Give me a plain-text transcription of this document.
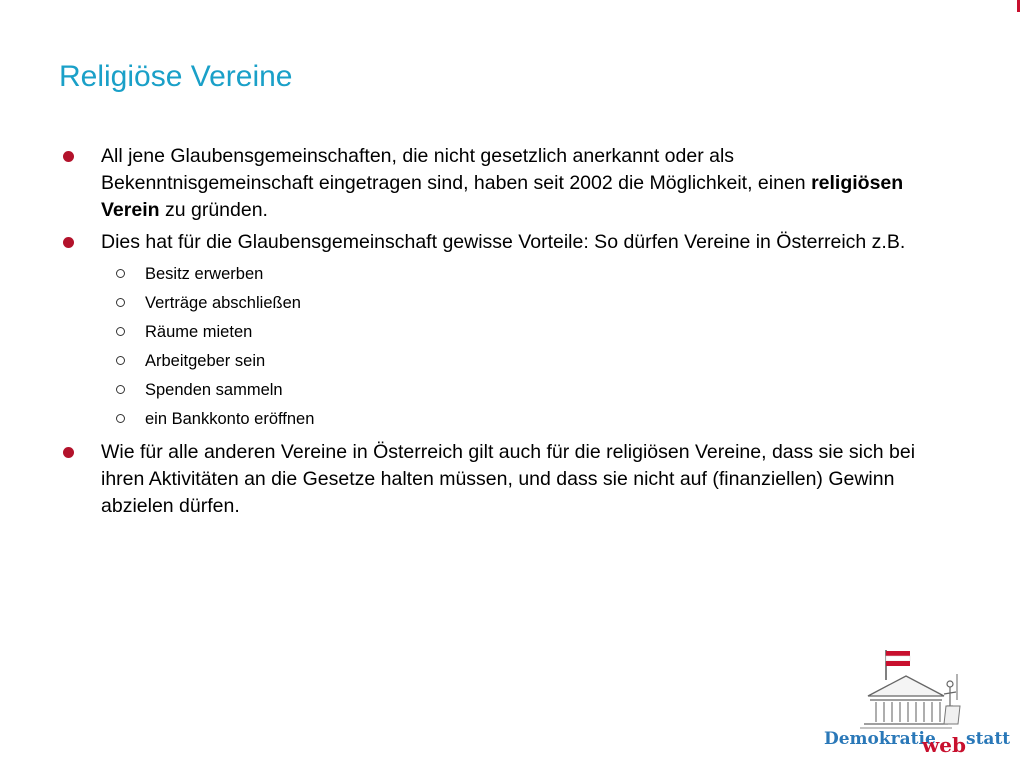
Religiöse Vereine
All jene Glaubensgemeinschaften, die nicht gesetzlich anerkannt oder als Bekenntnisgemeinschaft eingetragen sind, haben seit 2002 die Möglichkeit, einen religiösen Verein zu gründen.
Dies hat für die Glaubensgemeinschaft gewisse Vorteile: So dürfen Vereine in Österreich z.B.
Besitz erwerben
Verträge abschließen
Räume mieten
Arbeitgeber sein
Spenden sammeln
ein Bankkonto eröffnen
Wie für alle anderen Vereine in Österreich gilt auch für die religiösen Vereine, dass sie sich bei ihren Aktivitäten an die Gesetze halten müssen, und dass sie nicht auf (finanziellen) Gewinn abzielen dürfen.
Demokratie
web statt
